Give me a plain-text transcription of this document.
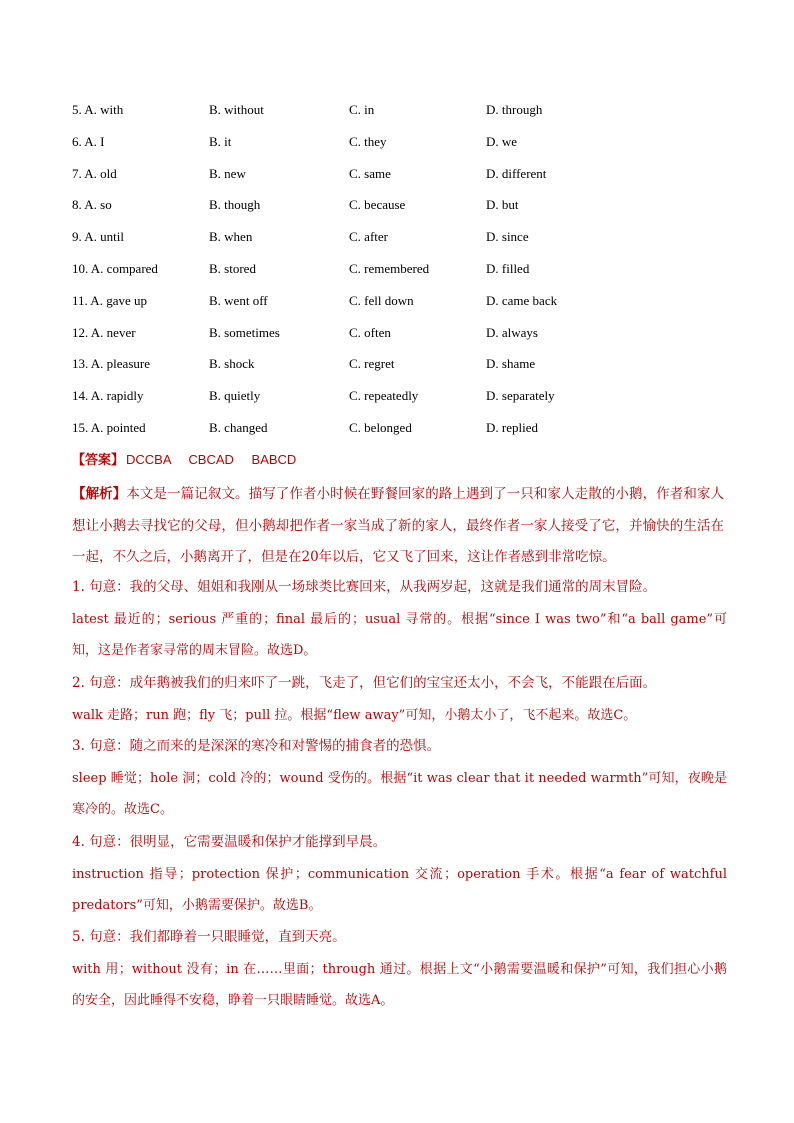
5. A. with	B. without	C. in	D. through
6. A. I	B. it	C. they	D. we
7. A. old	B. new	C. same	D. different
8. A. so	B. though	C. because	D. but
9. A. until	B. when	C. after	D. since
10. A. compared	B. stored	C. remembered	D. filled
11. A. gave up	B. went off	C. fell down	D. came back
12. A. never	B. sometimes	C. often	D. always
13. A. pleasure	B. shock	C. regret	D. shame
14. A. rapidly	B. quietly	C. repeatedly	D. separately
15. A. pointed	B. changed	C. belonged	D. replied
【答案】 DCCBA CBCAD BABCD
【解析】本文是一篇记叙文。描写了作者小时候在野餐回家的路上遇到了一只和家人走散的小鹅，作者和家人想让小鹅去寻找它的父母，但小鹅却把作者一家当成了新的家人，最终作者一家人接受了它，并愉快的生活在一起，不久之后，小鹅离开了，但是在20年以后，它又飞了回来，这让作者感到非常吃惊。
1. 句意：我的父母、姐姐和我刚从一场球类比赛回来，从我两岁起，这就是我们通常的周末冒险。
latest 最近的；serious 严重的；final 最后的；usual 寻常的。根据“since I was two”和“a ball game”可知，这是作者家寻常的周末冒险。故选D。
2. 句意：成年鹅被我们的归来吓了一跳，飞走了，但它们的宝宝还太小，不会飞，不能跟在后面。
walk 走路；run 跑；fly 飞；pull 拉。根据“flew away”可知，小鹅太小了，飞不起来。故选C。
3. 句意：随之而来的是深深的寒冷和对警惕的捕食者的恐惧。
sleep 睡觉；hole 洞；cold 冷的；wound 受伤的。根据“it was clear that it needed warmth”可知，夜晚是寒冷的。故选C。
4. 句意：很明显，它需要温暖和保护才能撑到早晨。
instruction 指导；protection 保护；communication 交流；operation 手术。根据“a fear of watchful predators”可知，小鹅需要保护。故选B。
5. 句意：我们都睁着一只眼睡觉，直到天亮。
with 用；without 没有；in 在……里面；through 通过。根据上文“小鹅需要温暖和保护”可知，我们担心小鹅的安全，因此睡得不安稳，睁着一只眼睛睡觉。故选A。
